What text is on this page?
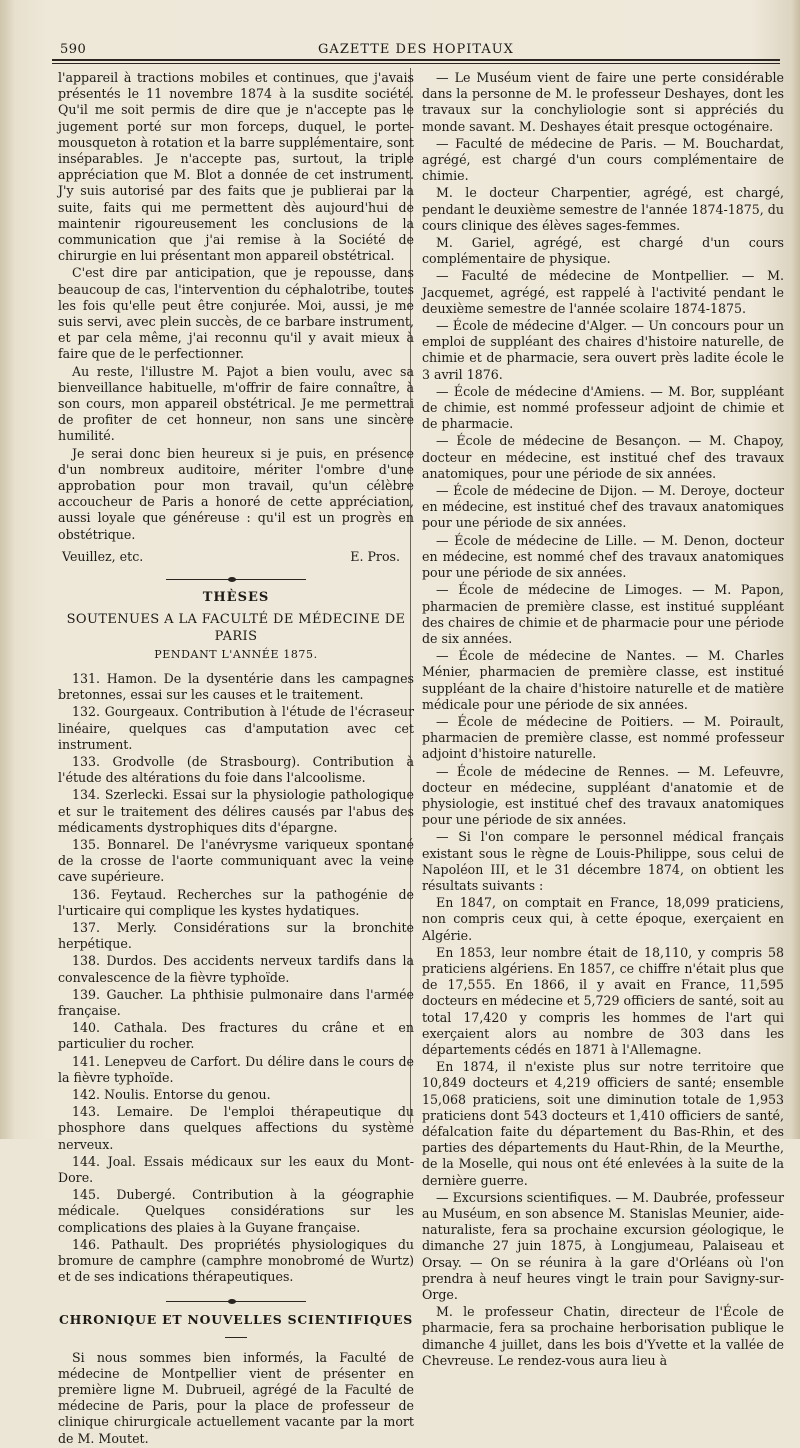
590	GAZETTE DES HOPITAUX

l'appareil à tractions mobiles et continues, que j'avais présentés le 11 novembre 1874 à la susdite société. Qu'il me soit permis de dire que je n'accepte pas le jugement porté sur mon forceps, duquel, le porte-mousqueton à rotation et la barre supplémentaire, sont inséparables. Je n'accepte pas, surtout, la triple appréciation que M. Blot a donnée de cet instrument. J'y suis autorisé par des faits que je publierai par la suite, faits qui me permettent dès aujourd'hui de maintenir rigoureusement les conclusions de la communication que j'ai remise à la Société de chirurgie en lui présentant mon appareil obstétrical.

C'est dire par anticipation, que je repousse, dans beaucoup de cas, l'intervention du céphalotribe, toutes les fois qu'elle peut être conjurée. Moi, aussi, je me suis servi, avec plein succès, de ce barbare instrument, et par cela même, j'ai reconnu qu'il y avait mieux à faire que de le perfectionner.

Au reste, l'illustre M. Pajot a bien voulu, avec sa bienveillance habituelle, m'offrir de faire connaître, à son cours, mon appareil obstétrical. Je me permettrai de profiter de cet honneur, non sans une sincère humilité.

Je serai donc bien heureux si je puis, en présence d'un nombreux auditoire, mériter l'ombre d'une approbation pour mon travail, qu'un célèbre accoucheur de Paris a honoré de cette appréciation, aussi loyale que généreuse : qu'il est un progrès en obstétrique.

Veuillez, etc.	E. Pros.
THÈSES
SOUTENUES A LA FACULTÉ DE MÉDECINE DE PARIS
PENDANT L'ANNÉE 1875.

131. Hamon. De la dysentérie dans les campagnes bretonnes, essai sur les causes et le traitement.

132. Gourgeaux. Contribution à l'étude de l'écraseur linéaire, quelques cas d'amputation avec cet instrument.

133. Grodvolle (de Strasbourg). Contribution à l'étude des altérations du foie dans l'alcoolisme.

134. Szerlecki. Essai sur la physiologie pathologique et sur le traitement des délires causés par l'abus des médicaments dystrophiques dits d'épargne.

135. Bonnarel. De l'anévrysme variqueux spontané de la crosse de l'aorte communiquant avec la veine cave supérieure.

136. Feytaud. Recherches sur la pathogénie de l'urticaire qui complique les kystes hydatiques.

137. Merly. Considérations sur la bronchite herpétique.

138. Durdos. Des accidents nerveux tardifs dans la convalescence de la fièvre typhoïde.

139. Gaucher. La phthisie pulmonaire dans l'armée française.

140. Cathala. Des fractures du crâne et en particulier du rocher.

141. Lenepveu de Carfort. Du délire dans le cours de la fièvre typhoïde.

142. Noulis. Entorse du genou.

143. Lemaire. De l'emploi thérapeutique du phosphore dans quelques affections du système nerveux.

144. Joal. Essais médicaux sur les eaux du Mont-Dore.

145. Dubergé. Contribution à la géographie médicale. Quelques considérations sur les complications des plaies à la Guyane française.

146. Pathault. Des propriétés physiologiques du bromure de camphre (camphre monobromé de Wurtz) et de ses indications thérapeutiques.

CHRONIQUE ET NOUVELLES SCIENTIFIQUES

Si nous sommes bien informés, la Faculté de médecine de Montpellier vient de présenter en première ligne M. Dubrueil, agrégé de la Faculté de médecine de Paris, pour la place de professeur de clinique chirurgicale actuellement vacante par la mort de M. Moutet.

— Le Muséum vient de faire une perte considérable dans la personne de M. le professeur Deshayes, dont les travaux sur la conchyliologie sont si appréciés du monde savant. M. Deshayes était presque octogénaire.

— Faculté de médecine de Paris. — M. Bouchardat, agrégé, est chargé d'un cours complémentaire de chimie.

M. le docteur Charpentier, agrégé, est chargé, pendant le deuxième semestre de l'année 1874-1875, du cours clinique des élèves sages-femmes.

M. Gariel, agrégé, est chargé d'un cours complémentaire de physique.

— Faculté de médecine de Montpellier. — M. Jacquemet, agrégé, est rappelé à l'activité pendant le deuxième semestre de l'année scolaire 1874-1875.

— École de médecine d'Alger. — Un concours pour un emploi de suppléant des chaires d'histoire naturelle, de chimie et de pharmacie, sera ouvert près ladite école le 3 avril 1876.

— École de médecine d'Amiens. — M. Bor, suppléant de chimie, est nommé professeur adjoint de chimie et de pharmacie.

— École de médecine de Besançon. — M. Chapoy, docteur en médecine, est institué chef des travaux anatomiques, pour une période de six années.

— École de médecine de Dijon. — M. Deroye, docteur en médecine, est institué chef des travaux anatomiques pour une période de six années.

— École de médecine de Lille. — M. Denon, docteur en médecine, est nommé chef des travaux anatomiques pour une période de six années.

— École de médecine de Limoges. — M. Papon, pharmacien de première classe, est institué suppléant des chaires de chimie et de pharmacie pour une période de six années.

— École de médecine de Nantes. — M. Charles Ménier, pharmacien de première classe, est institué suppléant de la chaire d'histoire naturelle et de matière médicale pour une période de six années.

— École de médecine de Poitiers. — M. Poirault, pharmacien de première classe, est nommé professeur adjoint d'histoire naturelle.

— École de médecine de Rennes. — M. Lefeuvre, docteur en médecine, suppléant d'anatomie et de physiologie, est institué chef des travaux anatomiques pour une période de six années.

— Si l'on compare le personnel médical français existant sous le règne de Louis-Philippe, sous celui de Napoléon III, et le 31 décembre 1874, on obtient les résultats suivants :

En 1847, on comptait en France, 18,099 praticiens, non compris ceux qui, à cette époque, exerçaient en Algérie.

En 1853, leur nombre était de 18,110, y compris 58 praticiens algériens. En 1857, ce chiffre n'était plus que de 17,555. En 1866, il y avait en France, 11,595 docteurs en médecine et 5,729 officiers de santé, soit au total 17,420 y compris les hommes de l'art qui exerçaient alors au nombre de 303 dans les départements cédés en 1871 à l'Allemagne.

En 1874, il n'existe plus sur notre territoire que 10,849 docteurs et 4,219 officiers de santé; ensemble 15,068 praticiens, soit une diminution totale de 1,953 praticiens dont 543 docteurs et 1,410 officiers de santé, défalcation faite du département du Bas-Rhin, et des parties des départements du Haut-Rhin, de la Meurthe, de la Moselle, qui nous ont été enlevées à la suite de la dernière guerre.

— Excursions scientifiques. — M. Daubrée, professeur au Muséum, en son absence M. Stanislas Meunier, aide-naturaliste, fera sa prochaine excursion géologique, le dimanche 27 juin 1875, à Longjumeau, Palaiseau et Orsay. — On se réunira à la gare d'Orléans où l'on prendra à neuf heures vingt le train pour Savigny-sur-Orge.

M. le professeur Chatin, directeur de l'École de pharmacie, fera sa prochaine herborisation publique le dimanche 4 juillet, dans les bois d'Yvette et la vallée de Chevreuse. Le rendez-vous aura lieu à
